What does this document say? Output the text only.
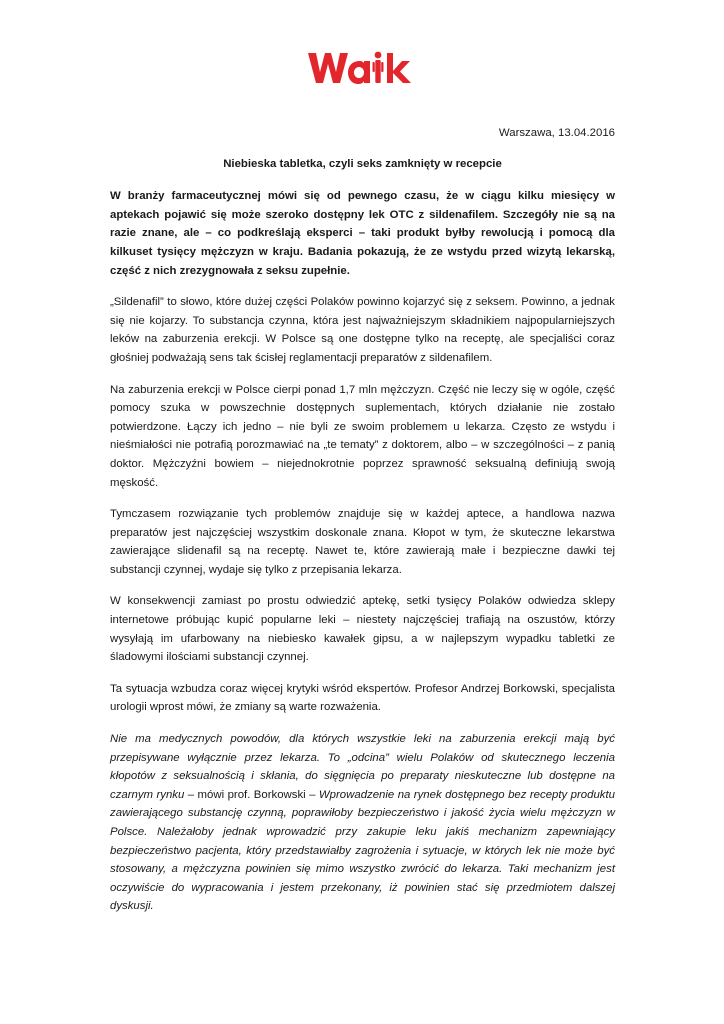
Warszawa, 13.04.2016

Niebieska tabletka, czyli seks zamknięty w recepcie

W branży farmaceutycznej mówi się od pewnego czasu, że w ciągu kilku miesięcy w aptekach pojawić się może szeroko dostępny lek OTC z sildenafilem. Szczegóły nie są na razie znane, ale – co podkreślają eksperci – taki produkt byłby rewolucją i pomocą dla kilkuset tysięcy mężczyzn w kraju. Badania pokazują, że ze wstydu przed wizytą lekarską, część z nich zrezygnowała z seksu zupełnie.

„Sildenafil” to słowo, które dużej części Polaków powinno kojarzyć się z seksem. Powinno, a jednak się nie kojarzy. To substancja czynna, która jest najważniejszym składnikiem najpopularniejszych leków na zaburzenia erekcji. W Polsce są one dostępne tylko na receptę, ale specjaliści coraz głośniej podważają sens tak ścisłej reglamentacji preparatów z sildenafilem.

Na zaburzenia erekcji w Polsce cierpi ponad 1,7 mln mężczyzn. Część nie leczy się w ogóle, część pomocy szuka w powszechnie dostępnych suplementach, których działanie nie zostało potwierdzone. Łączy ich jedno – nie byli ze swoim problemem u lekarza. Często ze wstydu i nieśmiałości nie potrafią porozmawiać na „te tematy” z doktorem, albo – w szczególności – z panią doktor. Mężczyźni bowiem – niejednokrotnie poprzez sprawność seksualną definiują swoją męskość.

Tymczasem rozwiązanie tych problemów znajduje się w każdej aptece, a handlowa nazwa preparatów jest najczęściej wszystkim doskonale znana. Kłopot w tym, że skuteczne lekarstwa zawierające slidenafil są na receptę. Nawet te, które zawierają małe i bezpieczne dawki tej substancji czynnej, wydaje się tylko z przepisania lekarza.

W konsekwencji zamiast po prostu odwiedzić aptekę, setki tysięcy Polaków odwiedza sklepy internetowe próbując kupić popularne leki – niestety najczęściej trafiają na oszustów, którzy wysyłają im ufarbowany na niebiesko kawałek gipsu, a w najlepszym wypadku tabletki ze śladowymi ilościami substancji czynnej.

Ta sytuacja wzbudza coraz więcej krytyki wśród ekspertów. Profesor Andrzej Borkowski, specjalista urologii wprost mówi, że zmiany są warte rozważenia.

Nie ma medycznych powodów, dla których wszystkie leki na zaburzenia erekcji mają być przepisywane wyłącznie przez lekarza. To „odcina” wielu Polaków od skutecznego leczenia kłopotów z seksualnością i skłania, do sięgnięcia po preparaty nieskuteczne lub dostępne na czarnym rynku – mówi prof. Borkowski – Wprowadzenie na rynek dostępnego bez recepty produktu zawierającego substancję czynną, poprawiłoby bezpieczeństwo i jakość życia wielu mężczyzn w Polsce. Należałoby jednak wprowadzić przy zakupie leku jakiś mechanizm zapewniający bezpieczeństwo pacjenta, który przedstawiałby zagrożenia i sytuacje, w których lek nie może być stosowany, a mężczyzna powinien się mimo wszystko zwrócić do lekarza. Taki mechanizm jest oczywiście do wypracowania i jestem przekonany, iż powinien stać się przedmiotem dalszej dyskusji.
